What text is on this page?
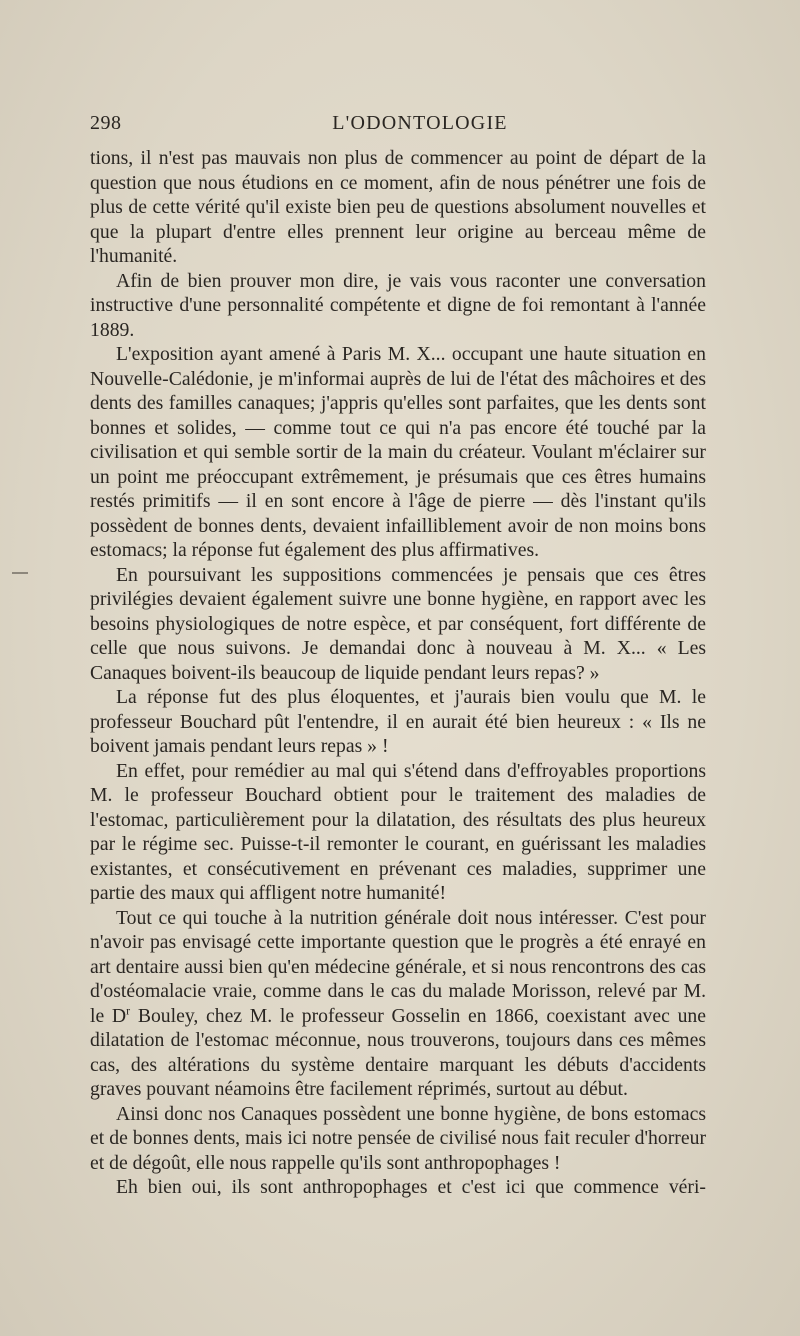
298	L'ODONTOLOGIE

tions, il n'est pas mauvais non plus de commencer au point de départ de la question que nous étudions en ce moment, afin de nous pénétrer une fois de plus de cette vérité qu'il existe bien peu de questions absolument nouvelles et que la plupart d'entre elles prennent leur origine au berceau même de l'humanité.

Afin de bien prouver mon dire, je vais vous raconter une conversation instructive d'une personnalité compétente et digne de foi remontant à l'année 1889.

L'exposition ayant amené à Paris M. X... occupant une haute situation en Nouvelle-Calédonie, je m'informai auprès de lui de l'état des mâchoires et des dents des familles canaques; j'appris qu'elles sont parfaites, que les dents sont bonnes et solides, — comme tout ce qui n'a pas encore été touché par la civilisation et qui semble sortir de la main du créateur. Voulant m'éclairer sur un point me préoccupant extrêmement, je présumais que ces êtres humains restés primitifs — il en sont encore à l'âge de pierre — dès l'instant qu'ils possèdent de bonnes dents, devaient infailliblement avoir de non moins bons estomacs; la réponse fut également des plus affirmatives.

En poursuivant les suppositions commencées je pensais que ces êtres privilégies devaient également suivre une bonne hygiène, en rapport avec les besoins physiologiques de notre espèce, et par conséquent, fort différente de celle que nous suivons. Je demandai donc à nouveau à M. X... « Les Canaques boivent-ils beaucoup de liquide pendant leurs repas? »

La réponse fut des plus éloquentes, et j'aurais bien voulu que M. le professeur Bouchard pût l'entendre, il en aurait été bien heureux : « Ils ne boivent jamais pendant leurs repas » !

En effet, pour remédier au mal qui s'étend dans d'effroyables proportions M. le professeur Bouchard obtient pour le traitement des maladies de l'estomac, particulièrement pour la dilatation, des résultats des plus heureux par le régime sec. Puisse-t-il remonter le courant, en guérissant les maladies existantes, et consécutivement en prévenant ces maladies, supprimer une partie des maux qui affligent notre humanité!

Tout ce qui touche à la nutrition générale doit nous intéresser. C'est pour n'avoir pas envisagé cette importante question que le progrès a été enrayé en art dentaire aussi bien qu'en médecine générale, et si nous rencontrons des cas d'ostéomalacie vraie, comme dans le cas du malade Morisson, relevé par M. le $D^r$ Bouley, chez M. le professeur Gosselin en 1866, coexistant avec une dilatation de l'estomac méconnue, nous trouverons, toujours dans ces mêmes cas, des altérations du système dentaire marquant les débuts d'accidents graves pouvant néamoins être facilement réprimés, surtout au début.

Ainsi donc nos Canaques possèdent une bonne hygiène, de bons estomacs et de bonnes dents, mais ici notre pensée de civilisé nous fait reculer d'horreur et de dégoût, elle nous rappelle qu'ils sont anthropophages !

Eh bien oui, ils sont anthropophages et c'est ici que commence véri-
